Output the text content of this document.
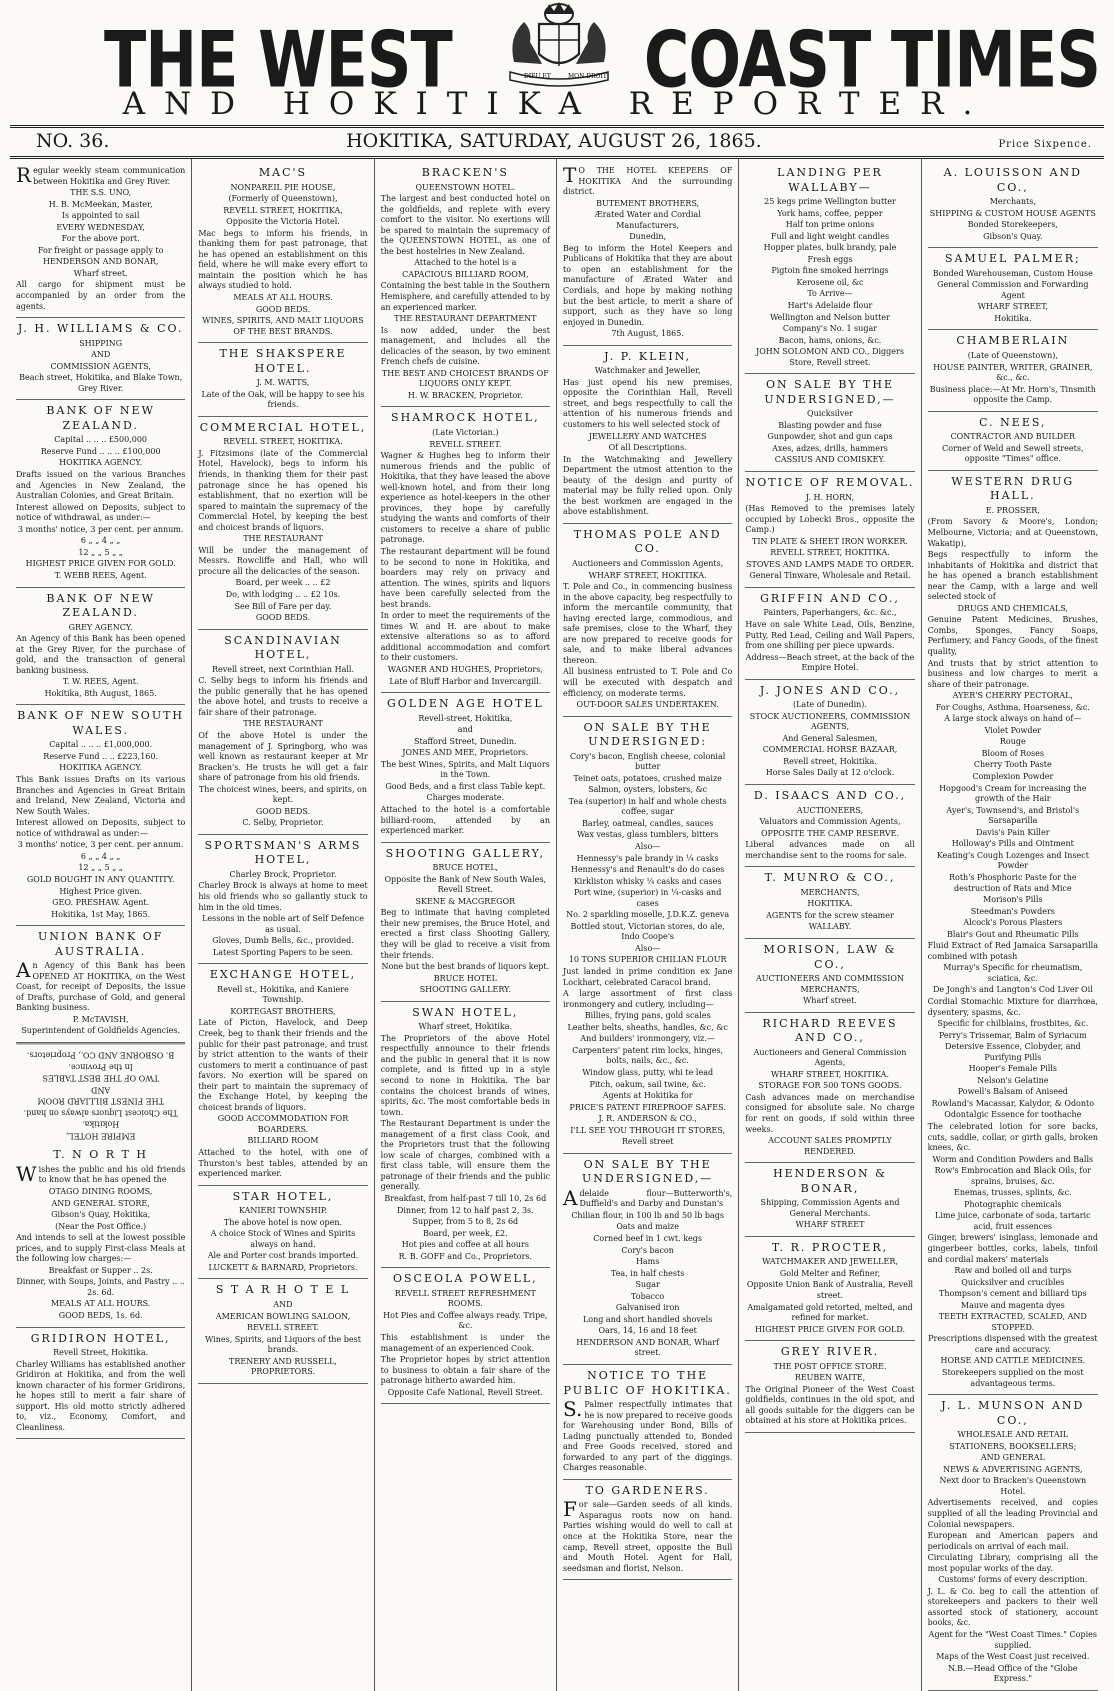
THE WEST	DIEU ET	MON DROIT COAST TIMES
AND HOKITIKA REPORTER.
NO. 36.	HOKITIKA, SATURDAY, AUGUST 26, 1865.	Price Sixpence.

Regular weekly steam communication between Hokitika and Grey River.

THE S.S. UNO,

H. B. McMeekan, Master,

Is appointed to sail

EVERY WEDNESDAY,

For the above port.

For freight or passage apply to

HENDERSON AND BONAR,

Wharf street.

All cargo for shipment must be accompanied by an order from the agents.

J. H. WILLIAMS & CO.

SHIPPING

AND

COMMISSION AGENTS,

Beach street, Hokitika, and Blake Town, Grey River.

BANK OF NEW ZEALAND.

Capital .. .. .. £500,000

Reserve Fund .. .. .. £100,000

HOKITIKA AGENCY.

Drafts issued on the various Branches and Agencies in New Zealand, the Australian Colonies, and Great Britain.

Interest allowed on Deposits, subject to notice of withdrawal, as under:—

3 months' notice, 3 per cent. per annum.

6 „ „ 4 „ „

12 „ „ 5 „ „

HIGHEST PRICE GIVEN FOR GOLD.

T. WEBB REES, Agent.

BANK OF NEW ZEALAND.

GREY AGENCY.

An Agency of this Bank has been opened at the Grey River, for the purchase of gold, and the transaction of general banking business.

T. W. REES, Agent.

Hokitika, 8th August, 1865.

BANK OF NEW SOUTH WALES.

Capital .. .. .. £1,000,000.

Reserve Fund .. .. £223,160.

HOKITIKA AGENCY.

This Bank issues Drafts on its various Branches and Agencies in Great Britain and Ireland, New Zealand, Victoria and New South Wales.

Interest allowed on Deposits, subject to notice of withdrawal as under:—

3 months' notice, 3 per cent. per annum.

6 „ „ 4 „ „

12 „ „ 5 „ „

GOLD BOUGHT IN ANY QUANTITY.

Highest Price given.

GEO. PRESHAW. Agent.

Hokitika, 1st May, 1865.

UNION BANK OF AUSTRALIA.

An Agency of this Bank has been OPENED AT HOKITIKA, on the West Coast, for receipt of Deposits, the issue of Drafts, purchase of Gold, and general Banking business.

P. McTAVISH,

Superintendent of Goldfields Agencies.

EMPIRE HOTEL,

Hokitika.

The Choicest Liquors always on hand.

THE FINEST BILLIARD ROOM

AND

TWO OF THE BEST TABLES

In the Province.

B. OSBORNE AND CO., Proprietors.

T. N O R T H

Wishes the public and his old friends to know that he has opened the

OTAGO DINING ROOMS,

AND GENERAL STORE,

Gibson's Quay, Hokitika,

(Near the Post Office.)

And intends to sell at the lowest possible prices, and to supply First-class Meals at the following low charges:—

Breakfast or Supper .. 2s.

Dinner, with Soups, Joints, and Pastry .. .. 2s. 6d.

MEALS AT ALL HOURS.

GOOD BEDS, 1s. 6d.

GRIDIRON HOTEL,

Revell Street, Hokitika.

Charley Williams has established another Gridiron at Hokitika, and from the well known character of his former Gridirons, he hopes still to merit a fair share of support. His old motto strictly adhered to, viz., Economy, Comfort, and Cleanliness.

MAC'S

NONPAREIL PIE HOUSE,

(Formerly of Queenstown),

REVELL STREET, HOKITIKA,

Opposite the Victoria Hotel.

Mac begs to inform his friends, in thanking them for past patronage, that he has opened an establishment on this field, where he will make every effort to maintain the position which he has always studied to hold.

MEALS AT ALL HOURS.

GOOD BEDS.

WINES, SPIRITS, AND MALT LIQUORS OF THE BEST BRANDS.

THE SHAKSPERE HOTEL.

J. M. WATTS,

Late of the Oak, will be happy to see his friends.

COMMERCIAL HOTEL,

REVELL STREET, HOKITIKA.

J. Fitzsimons (late of the Commercial Hotel, Havelock), begs to inform his friends, in thanking them for their past patronage since he has opened his establishment, that no exertion will be spared to maintain the supremacy of the Commercial Hotel, by keeping the best and choicest brands of liquors.

THE RESTAURANT

Will be under the management of Messrs. Rowcliffe and Hall, who will procure all the delicacies of the season.

Board, per week .. .. £2

Do, with lodging .. .. £2 10s.

See Bill of Fare per day.

GOOD BEDS.

SCANDINAVIAN HOTEL,

Revell street, next Corinthian Hall.

C. Selby begs to inform his friends and the public generally that he has opened the above hotel, and trusts to receive a fair share of their patronage.

THE RESTAURANT

Of the above Hotel is under the management of J. Springborg, who was well known as restaurant keeper at Mr Bracken's. He trusts he will get a fair share of patronage from his old friends.

The choicest wines, beers, and spirits, on kept.

GOOD BEDS.

C. Selby, Proprietor.

SPORTSMAN'S ARMS HOTEL,

Charley Brock, Proprietor.

Charley Brock is always at home to meet his old friends who so gallantly stuck to him in the old times.

Lessons in the noble art of Self Defence as usual.

Gloves, Dumb Bells, &c., provided.

Latest Sporting Papers to be seen.

EXCHANGE HOTEL,

Revell st., Hokitika, and Kaniere Township.

KORTEGAST BROTHERS,

Late of Picton, Havelock, and Deep Creek, beg to thank their friends and the public for their past patronage, and trust by strict attention to the wants of their customers to merit a continuance of past favors. No exertion will be spared on their part to maintain the supremacy of the Exchange Hotel, by keeping the choicest brands of liquors.

GOOD ACCOMMODATION FOR BOARDERS.

BILLIARD ROOM

Attached to the hotel, with one of Thurston's best tables, attended by an experienced marker.

STAR HOTEL,

KANIERI TOWNSHIP.

The above hotel is now open.

A choice Stock of Wines and Spirits always on hand.

Ale and Porter cost brands imported.

LUCKETT & BARNARD, Proprietors.

S T A R H O T E L

AND

AMERICAN BOWLING SALOON,

REVELL STREET.

Wines, Spirits, and Liquors of the best brands.

TRENERY AND RUSSELL, PROPRIETORS.

BRACKEN'S

QUEENSTOWN HOTEL.

The largest and best conducted hotel on the goldfields, and replete with every comfort to the visitor. No exertions will be spared to maintain the supremacy of the QUEENSTOWN HOTEL, as one of the best hostelries in New Zealand.

Attached to the hotel is a

CAPACIOUS BILLIARD ROOM,

Containing the best table in the Southern Hemisphere, and carefully attended to by an experienced marker.

THE RESTAURANT DEPARTMENT

Is now added, under the best management, and includes all the delicacies of the season, by two eminent French chefs de cuisine.

THE BEST AND CHOICEST BRANDS OF LIQUORS ONLY KEPT.

H. W. BRACKEN, Proprietor.

SHAMROCK HOTEL,

(Late Victorian.)

REVELL STREET.

Wagner & Hughes beg to inform their numerous friends and the public of Hokitika, that they have leased the above well-known hotel, and from their long experience as hotel-keepers in the other provinces, they hope by carefully studying the wants and comforts of their customers to receive a share of public patronage.

The restaurant department will be found to be second to none in Hokitika, and boarders may rely on privacy and attention. The wines, spirits and liquors have been carefully selected from the best brands.

In order to meet the requirements of the times W. and H. are about to make extensive alterations so as to afford additional accommodation and comfort to their customers.

WAGNER AND HUGHES, Proprietors,

Late of Bluff Harbor and Invercargill.

GOLDEN AGE HOTEL

Revell-street, Hokitika,

and

Stafford Street, Dunedin.

JONES AND MEE, Proprietors.

The best Wines, Spirits, and Malt Liquors in the Town.

Good Beds, and a first class Table kept.

Charges moderate.

Attached to the hotel is a comfortable billiard-room, attended by an experienced marker.

SHOOTING GALLERY,

BRUCE HOTEL,

Opposite the Bank of New South Wales, Revell Street.

SKENE & MACGREGOR

Beg to intimate that having completed their new premises, the Bruce Hotel, and erected a first class Shooting Gallery, they will be glad to receive a visit from their friends.

None but the best brands of liquors kept.

BRUCE HOTEL

SHOOTING GALLERY.

SWAN HOTEL,

Wharf street, Hokitika.

The Proprietors of the above Hotel respectfully announce to their friends and the public in general that it is now complete, and is fitted up in a style second to none in Hokitika. The bar contains the choicest brands of wines, spirits, &c. The most comfortable beds in town.

The Restaurant Department is under the management of a first class Cook, and the Proprietors trust that the following low scale of charges, combined with a first class table, will ensure them the patronage of their friends and the public generally.

Breakfast, from half-past 7 till 10, 2s 6d

Dinner, from 12 to half past 2, 3s.

Supper, from 5 to 8, 2s 6d

Board, per week, £2.

Hot pies and coffee at all hours

R. B. GOFF and Co., Proprietors.

OSCEOLA POWELL,

REVELL STREET REFRESHMENT ROOMS.

Hot Pies and Coffee always ready. Tripe, &c.

This establishment is under the management of an experienced Cook.

The Proprietor hopes by strict attention to business to obtain a fair share of the patronage hitherto awarded him.

Opposite Cafe National, Revell Street.

TO THE HOTEL KEEPERS OF HOKITIKA And the surrounding district.

BUTEMENT BROTHERS,

Ærated Water and Cordial Manufacturers,

Dunedin,

Beg to inform the Hotel Keepers and Publicans of Hokitika that they are about to open an establishment for the manufacture of Ærated Water and Cordials, and hope by making nothing but the best article, to merit a share of support, such as they have so long enjoyed in Dunedin.

7th August, 1865.

J. P. KLEIN,

Watchmaker and Jeweller,

Has just opend his new premises, opposite the Corinthian Hall, Revell street, and begs respectfully to call the attention of his numerous friends and customers to his well selected stock of

JEWELLERY AND WATCHES

Of all Descriptions.

In the Watchmaking and Jewellery Department the utmost attention to the beauty of the design and purity of material may be fully relied upon. Only the best workmen are engaged in the above establishment.

THOMAS POLE AND CO.

Auctioneers and Commission Agents,

WHARF STREET, HOKITIKA.

T. Pole and Co., in commencing business in the above capacity, beg respectfully to inform the mercantile community, that having erected large, commodious, and safe premises, close to the Wharf, they are now prepared to receive goods for sale, and to make liberal advances thereon.

All business entrusted to T. Pole and Co will be executed with despatch and efficiency, on moderate terms.

OUT-DOOR SALES UNDERTAKEN.

ON SALE BY THE UNDERSIGNED:

Cory's bacon, English cheese, colonial butter

Teinet oats, potatoes, crushed maize

Salmon, oysters, lobsters, &c

Tea (superior) in half and whole chests coffee, sugar

Barley, oatmeal, candles, sauces

Wax vestas, glass tumblers, bitters

Also—

Hennessy's pale brandy in ¼ casks

Hennessy's and Renault's do do cases

Kirkliston whisky ¼ casks and cases

Port wine, (superior) in ¼-casks and cases

No. 2 sparkling moselle, J.D.K.Z. geneva

Bottled stout, Victorian stores, do ale, Indo Coope's

Also—

10 TONS SUPERIOR CHILIAN FLOUR

Just landed in prime condition ex Jane Lockhart, celebrated Caracol brand.

A large assortment of first class ironmongery and cutlery, including—

Billies, frying pans, gold scales

Leather belts, sheaths, handles, &c, &c

And builders' ironmongery, viz.—

Carpenters' patent rim locks, hinges, bolts, nails, &c., &c.

Window glass, putty, whi te lead

Pitch, oakum, sail twine, &c.

Agents at Hokitika for

PRICE'S PATENT FIREPROOF SAFES.

J. R. ANDERSON & CO.,

I'LL SEE YOU THROUGH IT STORES,

Revell street

ON SALE BY THE UNDERSIGNED,—

Adelaide flour—Butterworth's, Duffield's and Darby and Dunstan's

Chilian flour, in 100 lb and 50 lb bags

Oats and maize

Corned beef in 1 cwt. kegs

Cory's bacon

Hams

Tea, in half chests

Sugar

Tobacco

Galvanised iron

Long and short handled shovels

Oars, 14, 16 and 18 feet

HENDERSON AND BONAR, Wharf street.

NOTICE TO THE PUBLIC OF HOKITIKA.

S.Palmer respectfully intimates that he is now prepared to receive goods for Warehousing under Bond, Bills of Lading punctually attended to, Bonded and Free Goods received, stored and forwarded to any part of the diggings. Charges reasonable.

TO GARDENERS.

For sale—Garden seeds of all kinds. Asparagus roots now on hand. Parties wishing would do well to call at once at the Hokitika Store, near the camp, Revell street, opposite the Bull and Mouth Hotel. Agent for Hall, seedsman and florist, Nelson.

LANDING PER WALLABY—

25 kegs prime Wellington butter

York hams, coffee, pepper

Half ton prime onions

Full and light weight candles

Hopper plates, bulk brandy, pale

Fresh eggs

Pigtoin fine smoked herrings

Kerosene oil, &c

To Arrive—

Hart's Adelaide flour

Wellington and Nelson butter

Company's No. 1 sugar

Bacon, hams, onions, &c.

JOHN SOLOMON AND CO., Diggers Store, Revell street.

ON SALE BY THE UNDERSIGNED,—

Quicksilver

Blasting powder and fuse

Gunpowder, shot and gun caps

Axes, adzes, drills, hammers

CASSIUS AND COMISKEY.

NOTICE OF REMOVAL.

J. H. HORN,

(Has Removed to the premises lately occupied by Lobecki Bros., opposite the Camp.)

TIN PLATE & SHEET IRON WORKER.

REVELL STREET, HOKITIKA.

STOVES AND LAMPS MADE TO ORDER.

General Tinware, Wholesale and Retail.

GRIFFIN AND CO.,

Painters, Paperhangers, &c. &c.,

Have on sale White Lead, Oils, Benzine, Putty, Red Lead, Ceiling and Wall Papers, from one shilling per piece upwards.

Address—Beach street, at the back of the Empire Hotel.

J. JONES AND CO.,

(Late of Dunedin).

STOCK AUCTIONEERS, COMMISSION AGENTS,

And General Salesmen,

COMMERCIAL HORSE BAZAAR,

Revell street, Hokitika.

Horse Sales Daily at 12 o'clock.

D. ISAACS AND CO.,

AUCTIONEERS,

Valuators and Commission Agents,

OPPOSITE THE CAMP RESERVE.

Liberal advances made on all merchandise sent to the rooms for sale.

T. MUNRO & CO.,

MERCHANTS,

HOKITIKA.

AGENTS for the screw steamer

WALLABY.

MORISON, LAW & CO.,

AUCTIONEERS AND COMMISSION MERCHANTS,

Wharf street.

RICHARD REEVES AND CO.,

Auctioneers and General Commission Agents,

WHARF STREET, HOKITIKA.

STORAGE FOR 500 TONS GOODS.

Cash advances made on merchandise consigned for absolute sale. No charge for rent on goods, if sold within three weeks.

ACCOUNT SALES PROMPTLY RENDERED.

HENDERSON & BONAR,

Shipping, Commission Agents and General Merchants.

WHARF STREET

T. R. PROCTER,

WATCHMAKER AND JEWELLER,

Gold Melter and Refiner,

Opposite Union Bank of Australia, Revell street.

Amalgamated gold retorted, melted, and refined for market.

HIGHEST PRICE GIVEN FOR GOLD.

GREY RIVER.

THE POST OFFICE STORE.

REUBEN WAITE,

The Original Pioneer of the West Coast goldfields, continues in the old spot, and all goods suitable for the diggers can be obtained at his store at Hokitika prices.

A. LOUISSON AND CO.,

Merchants,

SHIPPING & CUSTOM HOUSE AGENTS

Bonded Storekeepers,

Gibson's Quay.

SAMUEL PALMER;

Bonded Warehouseman, Custom House

General Commission and Forwarding Agent

WHARF STREET,

Hokitika.

CHAMBERLAIN

(Late of Queenstown),

HOUSE PAINTER, WRITER, GRAINER, &c., &c.

Business place:—At Mr. Horn's, Tinsmith opposite the Camp.

C. NEES,

CONTRACTOR AND BUILDER

Corner of Weld and Sewell streets, opposite "Times" office.

WESTERN DRUG HALL.

E. PROSSER,

(From Savory & Moore's, London; Melbourne, Victoria; and at Queenstown, Wakatip),

Begs respectfully to inform the inhabitants of Hokitika and district that he has opened a branch establishment near the Camp, with a large and well selected stock of

DRUGS AND CHEMICALS,

Genuine Patent Medicines, Brushes, Combs, Sponges, Fancy Soaps, Perfumery, and Fancy Goods, of the finest quality,

And trusts that by strict attention to business and low charges to merit a share of their patronage.

AYER'S CHERRY PECTORAL,

For Coughs, Asthma, Hoarseness, &c.

A large stock always on hand of—

Violet Powder

Rouge

Bloom of Roses

Cherry Tooth Paste

Complexion Powder

Hopgood's Cream for increasing the growth of the Hair

Ayer's, Townsend's, and Bristol's Sarsaparilla

Davis's Pain Killer

Holloway's Pills and Ointment

Keating's Cough Lozenges and Insect Powder

Roth's Phosphoric Paste for the destruction of Rats and Mice

Morison's Pills

Steedman's Powders

Alcock's Porous Plasters

Blair's Gout and Rheumatic Pills

Fluid Extract of Red Jamaica Sarsaparilla combined with potash

Murray's Specific for rheumatism, sciatica, &c.

De Jongh's and Langton's Cod Liver Oil

Cordial Stomachic Mixture for diarrhœa, dysentery, spasms, &c.

Specific for chilblains, frostbites, &c.

Perry's Trissemar, Balm of Syriacum

Detersive Essence, Clobyder, and Purifying Pills

Hooper's Female Pills

Nelson's Gelatine

Powell's Balsam of Aniseed

Rowland's Macassar, Kalydor, & Odonto

Odontalgic Essence for toothache

The celebrated lotion for sore backs, cuts, saddle, collar, or girth galls, broken knees, &c.

Worm and Condition Powders and Balls

Row's Embrocation and Black Oils, for sprains, bruises, &c.

Enemas, trusses, splints, &c.

Photographic chemicals

Lime juice, carbonate of soda, tartaric acid, fruit essences

Ginger, brewers' isinglass, lemonade and gingerbeer bottles, corks, labels, tinfoil and cordial makers' materials

Raw and boiled oil and turps

Quicksilver and crucibles

Thompson's cement and billiard tips

Mauve and magenta dyes

TEETH EXTRACTED, SCALED, AND STOPPED.

Prescriptions dispensed with the greatest care and accuracy.

HORSE AND CATTLE MEDICINES.

Storekeepers supplied on the most advantageous terms.

J. L. MUNSON AND CO.,

WHOLESALE AND RETAIL

STATIONERS, BOOKSELLERS;

AND GENERAL

NEWS & ADVERTISING AGENTS,

Next door to Bracken's Queenstown Hotel.

Advertisements received, and copies supplied of all the leading Provincial and Colonial newspapers.

European and American papers and periodicals on arrival of each mail.

Circulating Library, comprising all the most popular works of the day.

Customs' forms of every description.

J. L. & Co. beg to call the attention of storekeepers and packers to their well assorted stock of stationery, account books, &c.

Agent for the "West Coast Times." Copies supplied.

Maps of the West Coast just received.

N.B.—Head Office of the "Globe Express."
